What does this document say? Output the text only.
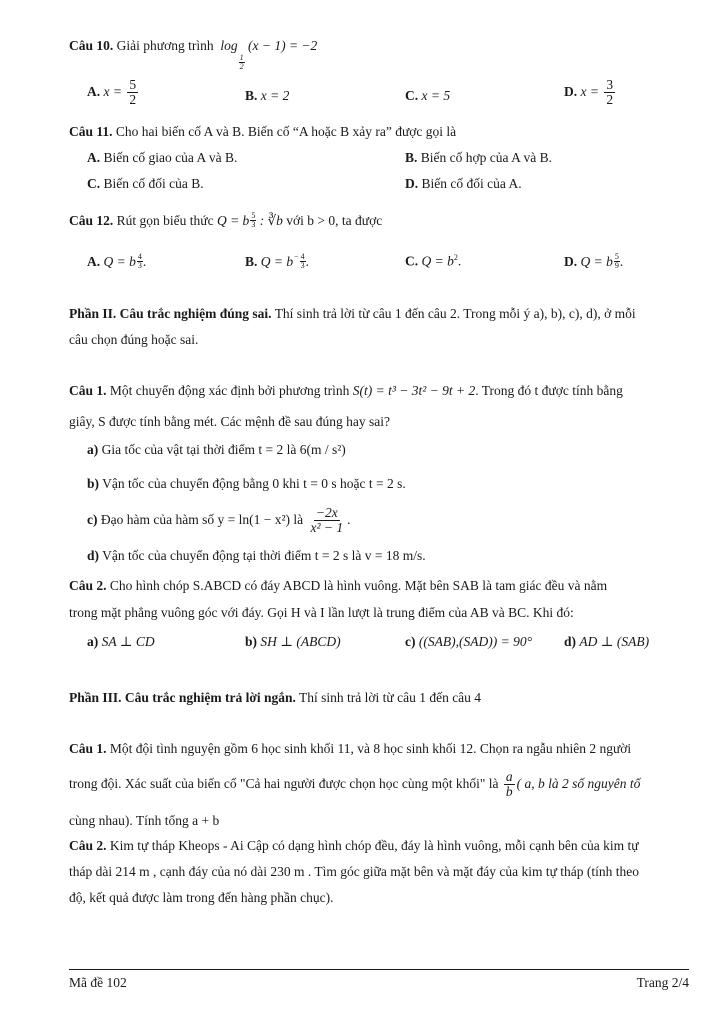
Câu 10. Giải phương trình  log
$\frac{1}{2}$
(x − 1) = −2
A. $x = \frac{5}{2}$	B. x = 2	C. x = 5	D. $x = \frac{3}{2}$
Câu 11. Cho hai biến cố A và B. Biến cố “A hoặc B xảy ra” được gọi là
A. Biến cố giao của A và B.	B. Biến cố hợp của A và B.
C. Biến cố đối của B.	D. Biến cố đối của A.
Câu 12. Rút gọn biểu thức Q = b $\frac{5}{3}$ : ∛b với b > 0, ta được
A. Q = b $\frac{4}{3}$ .	B. $Q = b - \frac{4}{3}$ .	C. $Q = b^2$.	D. Q = b $\frac{5}{9}$ .
Phần II. Câu trắc nghiệm đúng sai. Thí sinh trả lời từ câu 1 đến câu 2. Trong mỗi ý a), b), c), d), ở mỗi
câu chọn đúng hoặc sai.
Câu 1. Một chuyển động xác định bởi phương trình S(t) = t³ − 3t² − 9t + 2. Trong đó t được tính bằng
giây, S được tính bằng mét. Các mệnh đề sau đúng hay sai?
a) Gia tốc của vật tại thời điểm t = 2 là 6(m / s²)
b) Vận tốc của chuyển động bằng 0 khi t = 0 s hoặc t = 2 s.
c) Đạo hàm của hàm số y = ln(1 − x²) là $\frac{-2x}{\text{x² − 1}}$ .
d) Vận tốc của chuyển động tại thời điểm t = 2 s là v = 18 m/s.
Câu 2. Cho hình chóp S.ABCD có đáy ABCD là hình vuông. Mặt bên SAB là tam giác đều và nằm
trong mặt phẳng vuông góc với đáy. Gọi H và I lần lượt là trung điểm của AB và BC. Khi đó:
a) SA ⊥ CD	b) SH ⊥ (ABCD)	c) ((SAB),(SAD)) = 90° d) AD ⊥ (SAB)
Phần III. Câu trắc nghiệm trả lời ngắn. Thí sinh trả lời từ câu 1 đến câu 4
Câu 1. Một đội tình nguyện gồm 6 học sinh khối 11, và 8 học sinh khối 12. Chọn ra ngẫu nhiên 2 người
trong đội. Xác suất của biến cố "Cả hai người được chọn học cùng một khối" là $\frac{a}{b}$ ( a, b là 2 số nguyên tố
cùng nhau). Tính tổng a + b
Câu 2. Kim tự tháp Kheops - Ai Cập có dạng hình chóp đều, đáy là hình vuông, mỗi cạnh bên của kim tự
tháp dài 214 m , cạnh đáy của nó dài 230 m . Tìm góc giữa mặt bên và mặt đáy của kim tự tháp (tính theo
độ, kết quả được làm trong đến hàng phần chục).
Mã đề 102	Trang 2/4
